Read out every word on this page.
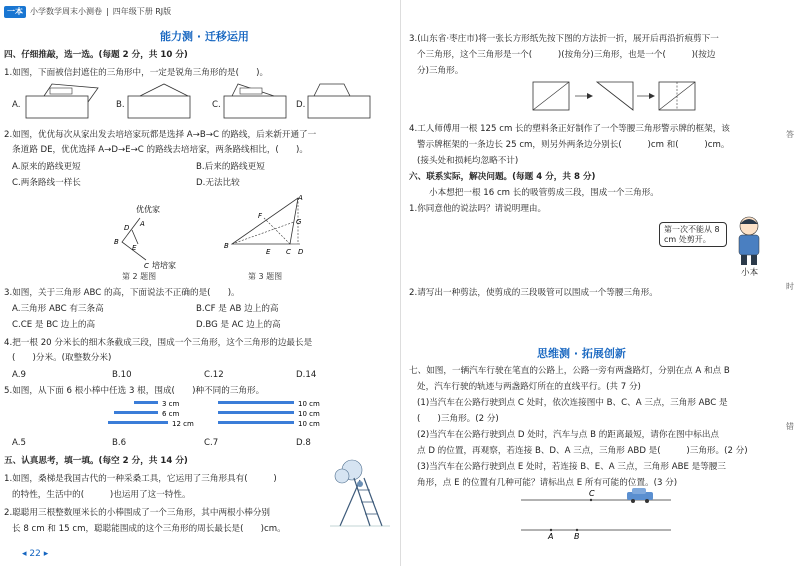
一本 小学数学周末小测卷 | 四年级下册 RJ版
能力测 · 迁移运用
四、仔细推敲，选一选。(每题 2 分，共 10 分)
1.如图，下面被信封遮住的三角形中，一定是锐角三角形的是(　　)。
A.	B.	C.	D.
2.如图，优优每次从家出发去培培家玩都是选择 A→B→C 的路线，后来新开通了一
条道路 DE，优优选择 A→D→E→C 的路线去培培家，两条路线相比，(　　)。
A.原来的路线更短	B.后来的路线更短
C.两条路线一样长	D.无法比较
优优家
A
B
D
E
C 培培家
A
B
C D
E
F
G
第 2 题图	第 3 题图
3.如图，关于三角形 ABC 的高，下面说法不正确的是(　　)。
A.三角形 ABC 有三条高	B.CF 是 AB 边上的高
C.CE 是 BC 边上的高	D.BG 是 AC 边上的高
4.把一根 20 分米长的细木条截成三段，围成一个三角形，这个三角形的边最长是
(　　)分米。(取整数分米)
A.9	B.10	C.12	D.14
5.如图，从下面 6 根小棒中任选 3 根，围成(　　)种不同的三角形。
3 cm
6 cm
12 cm
10 cm
10 cm
10 cm
A.5	B.6	C.7	D.8
五、认真思考，填一填。(每空 2 分，共 14 分)
1.如图，桑梯是我国古代的一种采桑工具，它运用了三角形具有(　　　)
的特性，生活中的(　　　)也运用了这一特性。
2.聪聪用三根整数厘米长的小棒围成了一个三角形，其中两根小棒分别
长 8 cm 和 15 cm，聪聪能围成的这个三角形的周长最长是(　　)cm。
◂ 22 ▸
3.(山东省·枣庄市)将一张长方形纸先按下图的方法折一折，展开后再沿折痕剪下一
个三角形，这个三角形是一个(　　　)(按角分)三角形，也是一个(　　　)(按边
分)三角形。
4.工人师傅用一根 125 cm 长的塑料条正好制作了一个等腰三角形警示牌的框架，该
警示牌框架的一条边长 25 cm，则另外两条边分别长(　　　)cm 和(　　　)cm。
(接头处和损耗均忽略不计)
六、联系实际，解决问题。(每题 4 分，共 8 分)
小本想把一根 16 cm 长的吸管剪成三段，围成一个三角形。
1.你同意他的说法吗？请说明理由。
第一次不能从 8 cm 处剪开。
小本
2.请写出一种剪法，使剪成的三段吸管可以围成一个等腰三角形。
思维测 · 拓展创新
七、如图，一辆汽车行驶在笔直的公路上，公路一旁有两盏路灯，分别在点 A 和点 B
处，汽车行驶的轨迹与两盏路灯所在的直线平行。(共 7 分)
(1)当汽车在公路行驶到点 C 处时，依次连接图中 B、C、A 三点，三角形 ABC 是
(　　)三角形。(2 分)
(2)当汽车在公路行驶到点 D 处时，汽车与点 B 的距离最短，请你在图中标出点
点 D 的位置，再观察，若连接 B、D、A 三点，三角形 ABD 是(　　　)三角形。(2 分)
(3)当汽车在公路行驶到点 E 处时，若连接 B、E、A 三点，三角形 ABE 是等腰三
角形，点 E 的位置有几种可能？请标出点 E 所有可能的位置。(3 分)
C
A	B
答
时
错
